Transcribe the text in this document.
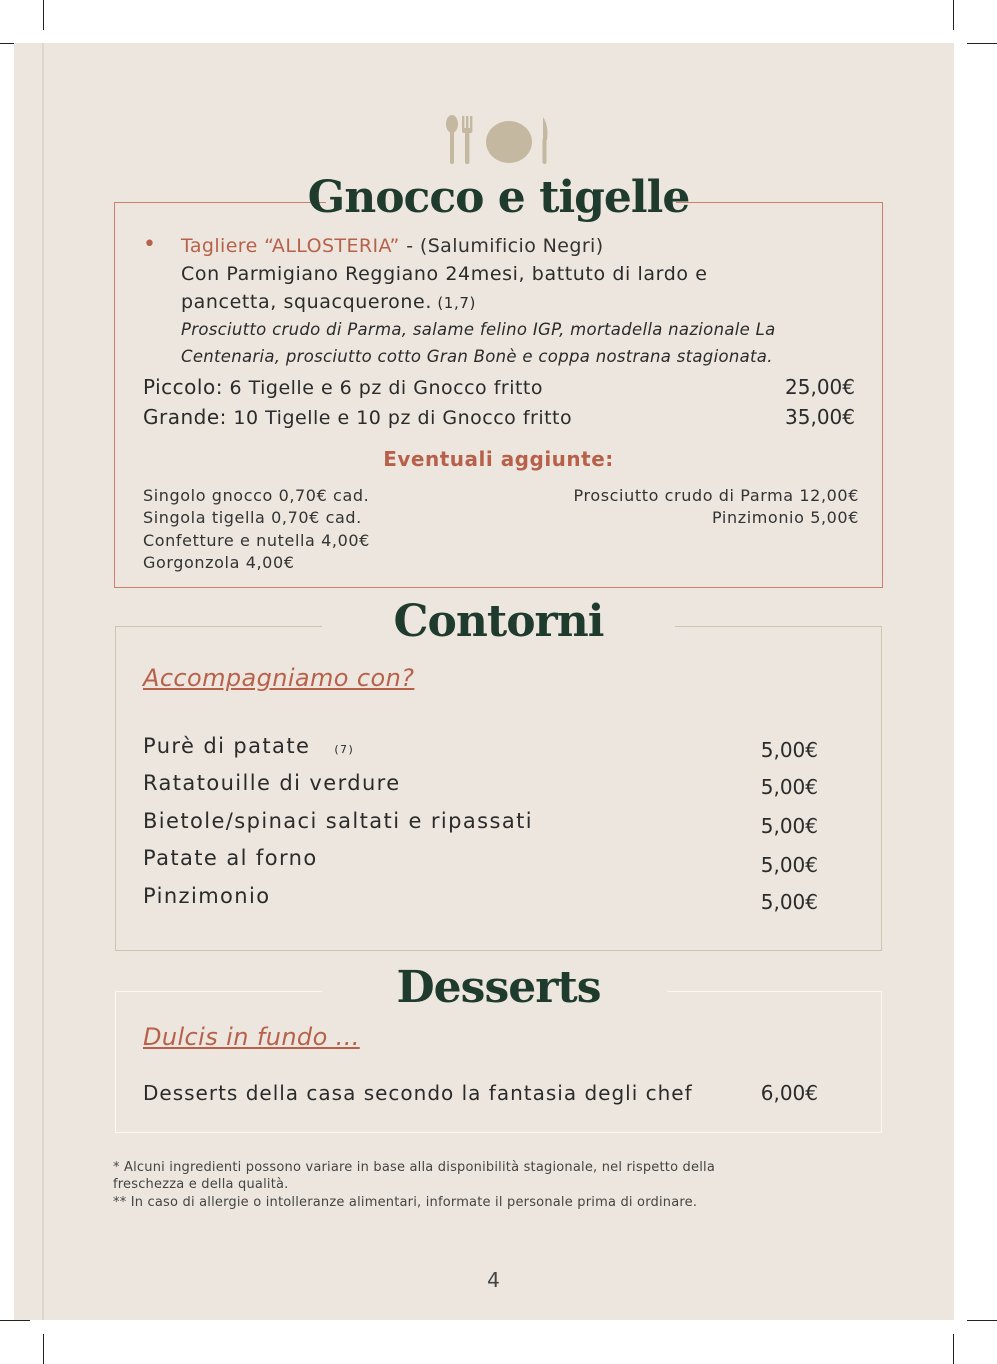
Gnocco e tigelle
• Tagliere “ALLOSTERIA” - (Salumificio Negri)
Con Parmigiano Reggiano 24mesi, battuto di lardo e
pancetta, squacquerone. (1,7)
Prosciutto crudo di Parma, salame felino IGP, mortadella nazionale La
Centenaria, prosciutto cotto Gran Bonè e coppa nostrana stagionata.
Piccolo: 6 Tigelle e 6 pz di Gnocco fritto	25,00€
Grande: 10 Tigelle e 10 pz di Gnocco fritto	35,00€
Eventuali aggiunte:
Singolo gnocco 0,70€ cad.
Singola tigella 0,70€ cad.
Confetture e nutella 4,00€
Gorgonzola 4,00€
Prosciutto crudo di Parma 12,00€
Pinzimonio 5,00€
Contorni
Accompagniamo con?
Purè di patate (7)	5,00€
Ratatouille di verdure	5,00€
Bietole/spinaci saltati e ripassati	5,00€
Patate al forno	5,00€
Pinzimonio	5,00€
Desserts
Dulcis in fundo ...
Desserts della casa secondo la fantasia degli chef	6,00€
* Alcuni ingredienti possono variare in base alla disponibilità stagionale, nel rispetto della
freschezza e della qualità.
** In caso di allergie o intolleranze alimentari, informate il personale prima di ordinare.
4
